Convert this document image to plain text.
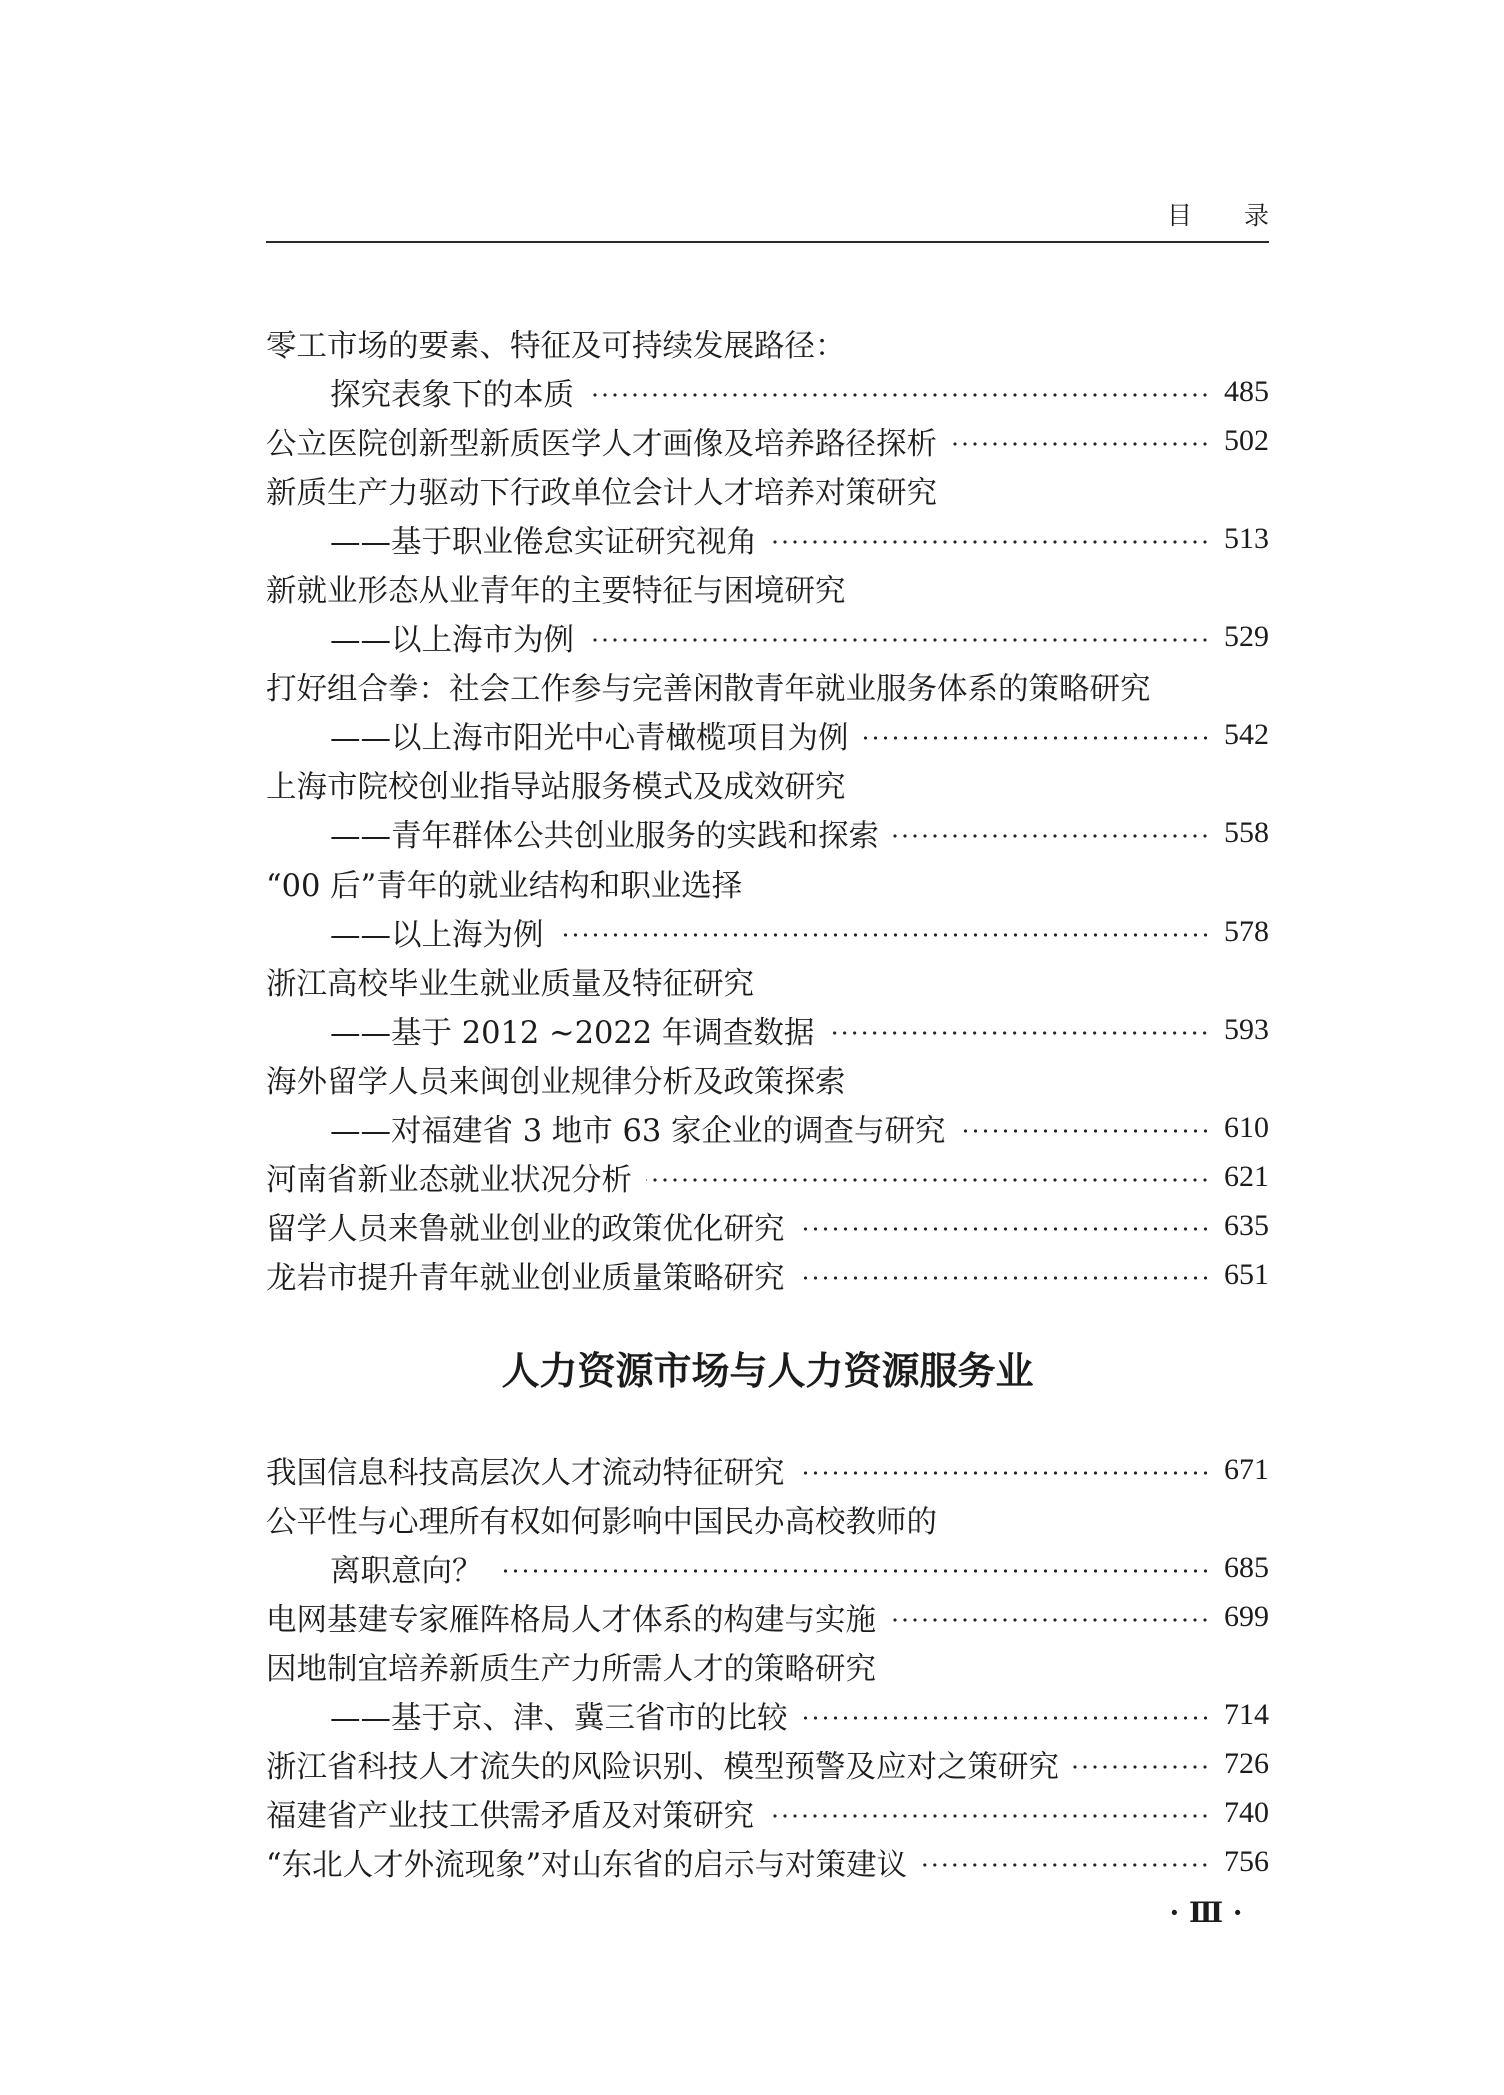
目 录
零工市场的要素、特征及可持续发展路径：
探究表象下的本质	485
公立医院创新型新质医学人才画像及培养路径探析	502
新质生产力驱动下行政单位会计人才培养对策研究
——基于职业倦怠实证研究视角	513
新就业形态从业青年的主要特征与困境研究
——以上海市为例	529
打好组合拳：社会工作参与完善闲散青年就业服务体系的策略研究
——以上海市阳光中心青橄榄项目为例	542
上海市院校创业指导站服务模式及成效研究
——青年群体公共创业服务的实践和探索	558
“00 后”青年的就业结构和职业选择
——以上海为例	578
浙江高校毕业生就业质量及特征研究
——基于 2012 ~2022 年调查数据	593
海外留学人员来闽创业规律分析及政策探索
——对福建省 3 地市 63 家企业的调查与研究	610
河南省新业态就业状况分析	621
留学人员来鲁就业创业的政策优化研究	635
龙岩市提升青年就业创业质量策略研究	651
人力资源市场与人力资源服务业
我国信息科技高层次人才流动特征研究	671
公平性与心理所有权如何影响中国民办高校教师的
离职意向？	685
电网基建专家雁阵格局人才体系的构建与实施	699
因地制宜培养新质生产力所需人才的策略研究
——基于京、津、冀三省市的比较	714
浙江省科技人才流失的风险识别、模型预警及应对之策研究	726
福建省产业技工供需矛盾及对策研究	740
“东北人才外流现象”对山东省的启示与对策建议	756
· Ⅲ ·
